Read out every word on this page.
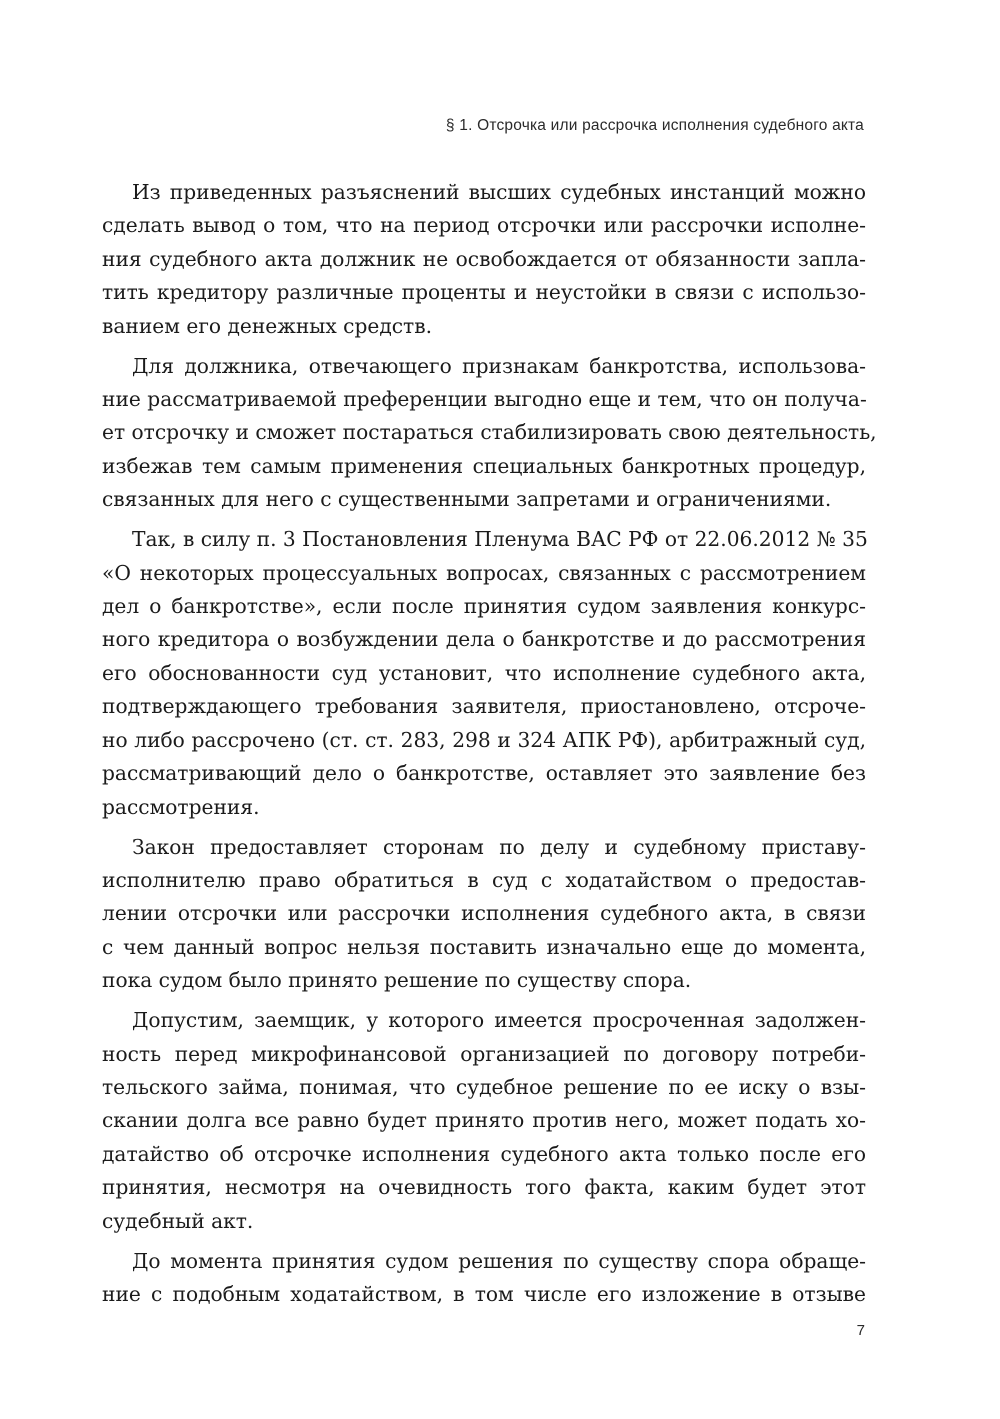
§ 1. Отсрочка или рассрочка исполнения судебного акта
Из приведенных разъяснений высших судебных инстанций можно
сделать вывод о том, что на период отсрочки или рассрочки исполне-
ния судебного акта должник не освобождается от обязанности запла-
тить кредитору различные проценты и неустойки в связи с использо-
ванием его денежных средств.
Для должника, отвечающего признакам банкротства, использова-
ние рассматриваемой преференции выгодно еще и тем, что он получа-
ет отсрочку и сможет постараться стабилизировать свою деятельность,
избежав тем самым применения специальных банкротных процедур,
связанных для него с существенными запретами и ограничениями.
Так, в силу п. 3 Постановления Пленума ВАС РФ от 22.06.2012 № 35
«О некоторых процессуальных вопросах, связанных с рассмотрением
дел о банкротстве», если после принятия судом заявления конкурс-
ного кредитора о возбуждении дела о банкротстве и до рассмотрения
его обоснованности суд установит, что исполнение судебного акта,
подтверждающего требования заявителя, приостановлено, отсроче-
но либо рассрочено (ст. ст. 283, 298 и 324 АПК РФ), арбитражный суд,
рассматривающий дело о банкротстве, оставляет это заявление без
рассмотрения.
Закон предоставляет сторонам по делу и судебному приставу-
исполнителю право обратиться в суд с ходатайством о предостав-
лении отсрочки или рассрочки исполнения судебного акта, в связи
с чем данный вопрос нельзя поставить изначально еще до момента,
пока судом было принято решение по существу спора.
Допустим, заемщик, у которого имеется просроченная задолжен-
ность перед микрофинансовой организацией по договору потреби-
тельского займа, понимая, что судебное решение по ее иску о взы-
скании долга все равно будет принято против него, может подать хо-
датайство об отсрочке исполнения судебного акта только после его
принятия, несмотря на очевидность того факта, каким будет этот
судебный акт.
До момента принятия судом решения по существу спора обраще-
ние с подобным ходатайством, в том числе его изложение в отзыве
7
